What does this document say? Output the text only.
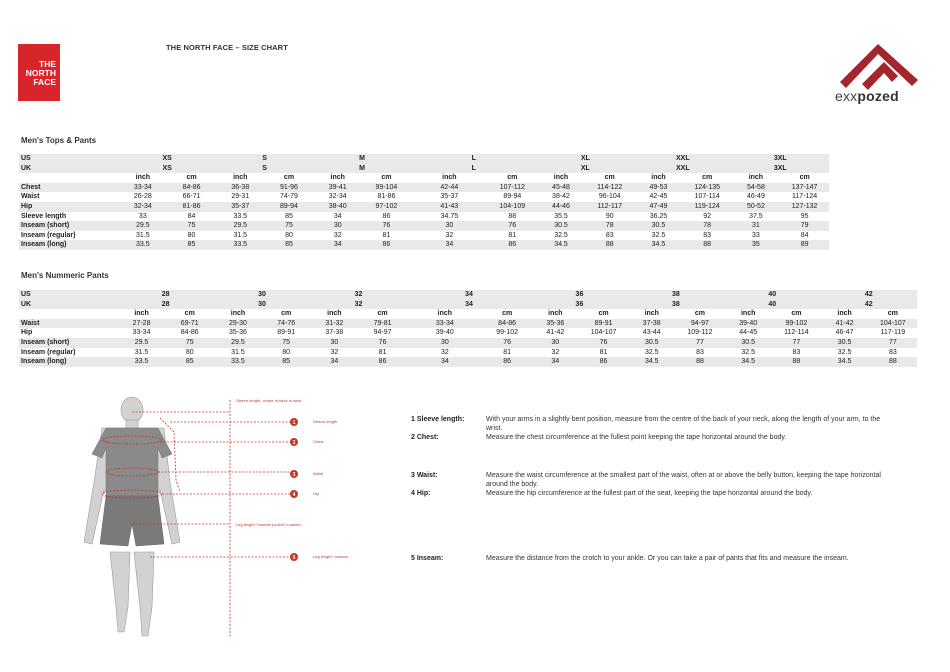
THE
NORTH
FACE
THE NORTH FACE – SIZE CHART
exxpozed
Men's Tops & Pants
US	XS		S		M		L		XL		XXL		3XL	
UK	XS		S		M		L		XL		XXL		3XL	
	inch	cm	inch	cm	inch	cm	inch	cm	inch	cm	inch	cm	inch	cm
Chest	33-34	84-86	36-38	91-96	39-41	99-104	42-44	107-112	45-48	114-122	49-53	124-135	54-58	137-147
Waist	26-28	66-71	29-31	74-79	32-34	81-86	35-37	89-94	38-42	96-104	42-45	107-114	46-49	117-124
Hip	32-34	81-86	35-37	89-94	38-40	97-102	41-43	104-109	44-46	112-117	47-49	119-124	50-52	127-132
Sleeve length	33	84	33.5	85	34	86	34.75	88	35.5	90	36.25	92	37.5	95
Inseam (short)	29.5	75	29.5	75	30	76	30	76	30.5	78	30.5	78	31	79
Inseam (regular)	31.5	80	31.5	80	32	81	32	81	32.5	83	32.5	83	33	84
Inseam (long)	33.5	85	33.5	85	34	86	34	86	34.5	88	34.5	88	35	89
Men's Nummeric Pants
US	28		30		32		34		36		38		40		42	
UK	28		30		32		34		36		38		40		42	
	inch	cm	inch	cm	inch	cm	inch	cm	inch	cm	inch	cm	inch	cm	inch	cm
Waist	27-28	69-71	29-30	74-76	31-32	79-81	33-34	84-86	35-36	89-91	37-38	94-97	39-40	99-102	41-42	104-107
Hip	33-34	84-86	35-36	89-91	37-38	94-97	39-40	99-102	41-42	104-107	43-44	109-112	44-45	112-114	46-47	117-119
Inseam (short)	29.5	75	29.5	75	30	76	30	76	30	76	30.5	77	30.5	77	30.5	77
Inseam (regular)	31.5	80	31.5	80	32	81	32	81	32	81	32.5	83	32.5	83	32.5	83
Inseam (long)	33.5	85	33.5	85	34	86	34	86	34	86	34.5	88	34.5	88	34.5	88
1
2
3
4
5
Sleeve length: centre of neck to wrist
Sleeve length
Chest
Waist
Hip
Leg length / inseam
Leg length / inseam (crotch to ankle)
1 Sleeve length:	With your arms in a slightly bent position, measure from the centre of the back of your neck, along the length of your arm, to the wrist.
2 Chest:	Measure the chest circumference at the fullest point keeping the tape horizontal around the body.
3 Waist:	Measure the waist circumference at the smallest part of the waist, often at or above the belly button, keeping the tape horizontal around the body.
4 Hip:	Measure the hip circumference at the fullest part of the seat, keeping the tape horizontal around the body.
5 Inseam:	Measure the distance from the crotch to your ankle. Or you can take a pair of pants that fits and measure the inseam.
